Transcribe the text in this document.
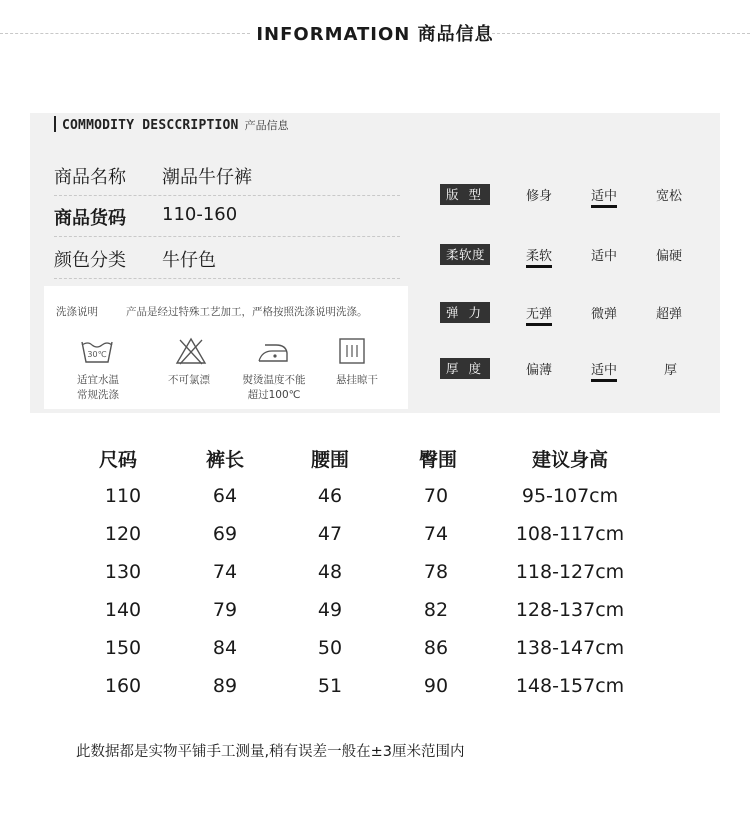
INFORMATION 商品信息
COMMODITY DESCCRIPTION 产品信息
商品名称 潮品牛仔裤
商品货码 110-160
颜色分类 牛仔色
洗涤说明	产品是经过特殊工艺加工，严格按照洗涤说明洗涤。
30℃
适宜水温
常规洗涤
不可氯漂	熨烫温度不能
超过100℃
悬挂晾干
版 型	修身	适中	宽松
柔软度	柔软	适中	偏硬
弹 力	无弹	微弹	超弹
厚 度	偏薄	适中	厚
尺码	裤长	腰围	臀围	建议身高
110	64	46	70	95-107cm
120	69	47	74	108-117cm
130	74	48	78	118-127cm
140	79	49	82	128-137cm
150	84	50	86	138-147cm
160	89	51	90	148-157cm
此数据都是实物平铺手工测量,稍有误差一般在±3厘米范围内
